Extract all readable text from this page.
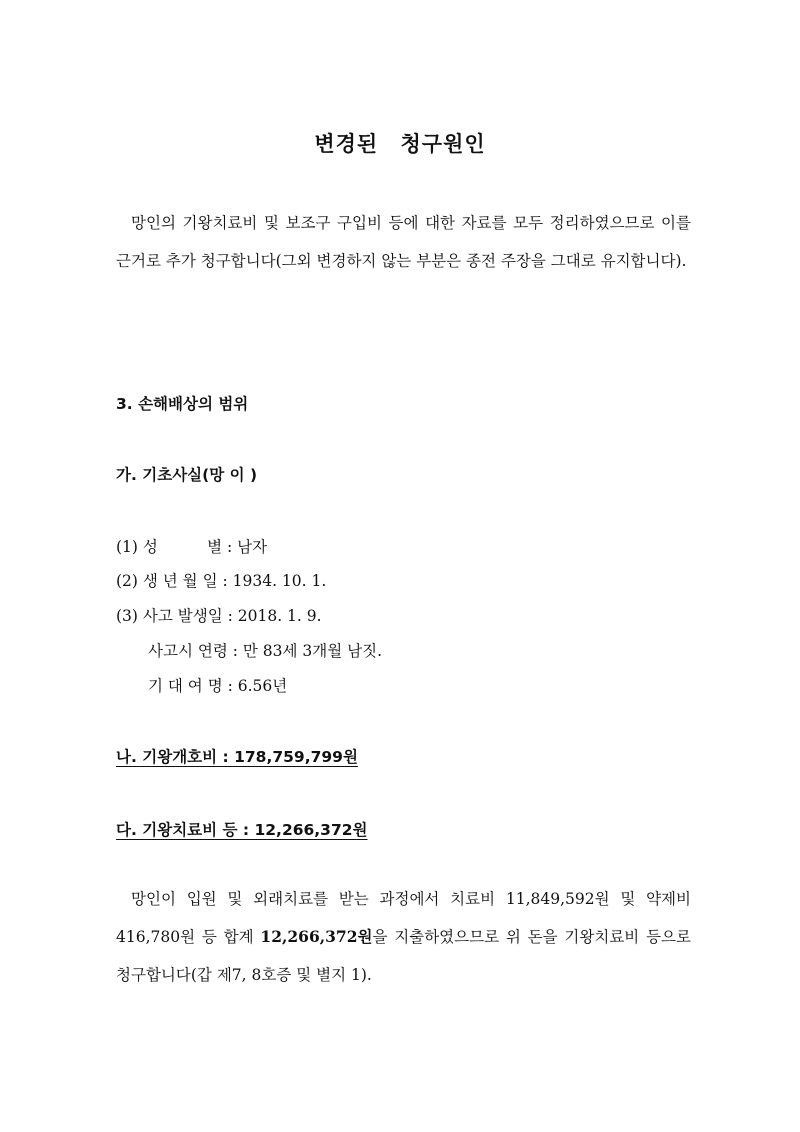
변경된 청구원인
망인의 기왕치료비 및 보조구 구입비 등에 대한 자료를 모두 정리하였으므로 이를 근거로 추가 청구합니다(그외 변경하지 않는 부분은 종전 주장을 그대로 유지합니다).
3. 손해배상의 범위
가. 기초사실(망 이 )
(1) 성          별 : 남자
(2) 생 년 월 일 : 1934. 10. 1.
(3) 사고 발생일 : 2018. 1. 9.
사고시 연령 : 만 83세 3개월 남짓.
기 대 여 명 : 6.56년
나. 기왕개호비 : 178,759,799원
다. 기왕치료비 등 : 12,266,372원
망인이 입원 및 외래치료를 받는 과정에서 치료비 11,849,592원 및 약제비 416,780원 등 합계 12,266,372원을 지출하였으므로 위 돈을 기왕치료비 등으로 청구합니다(갑 제7, 8호증 및 별지 1).
